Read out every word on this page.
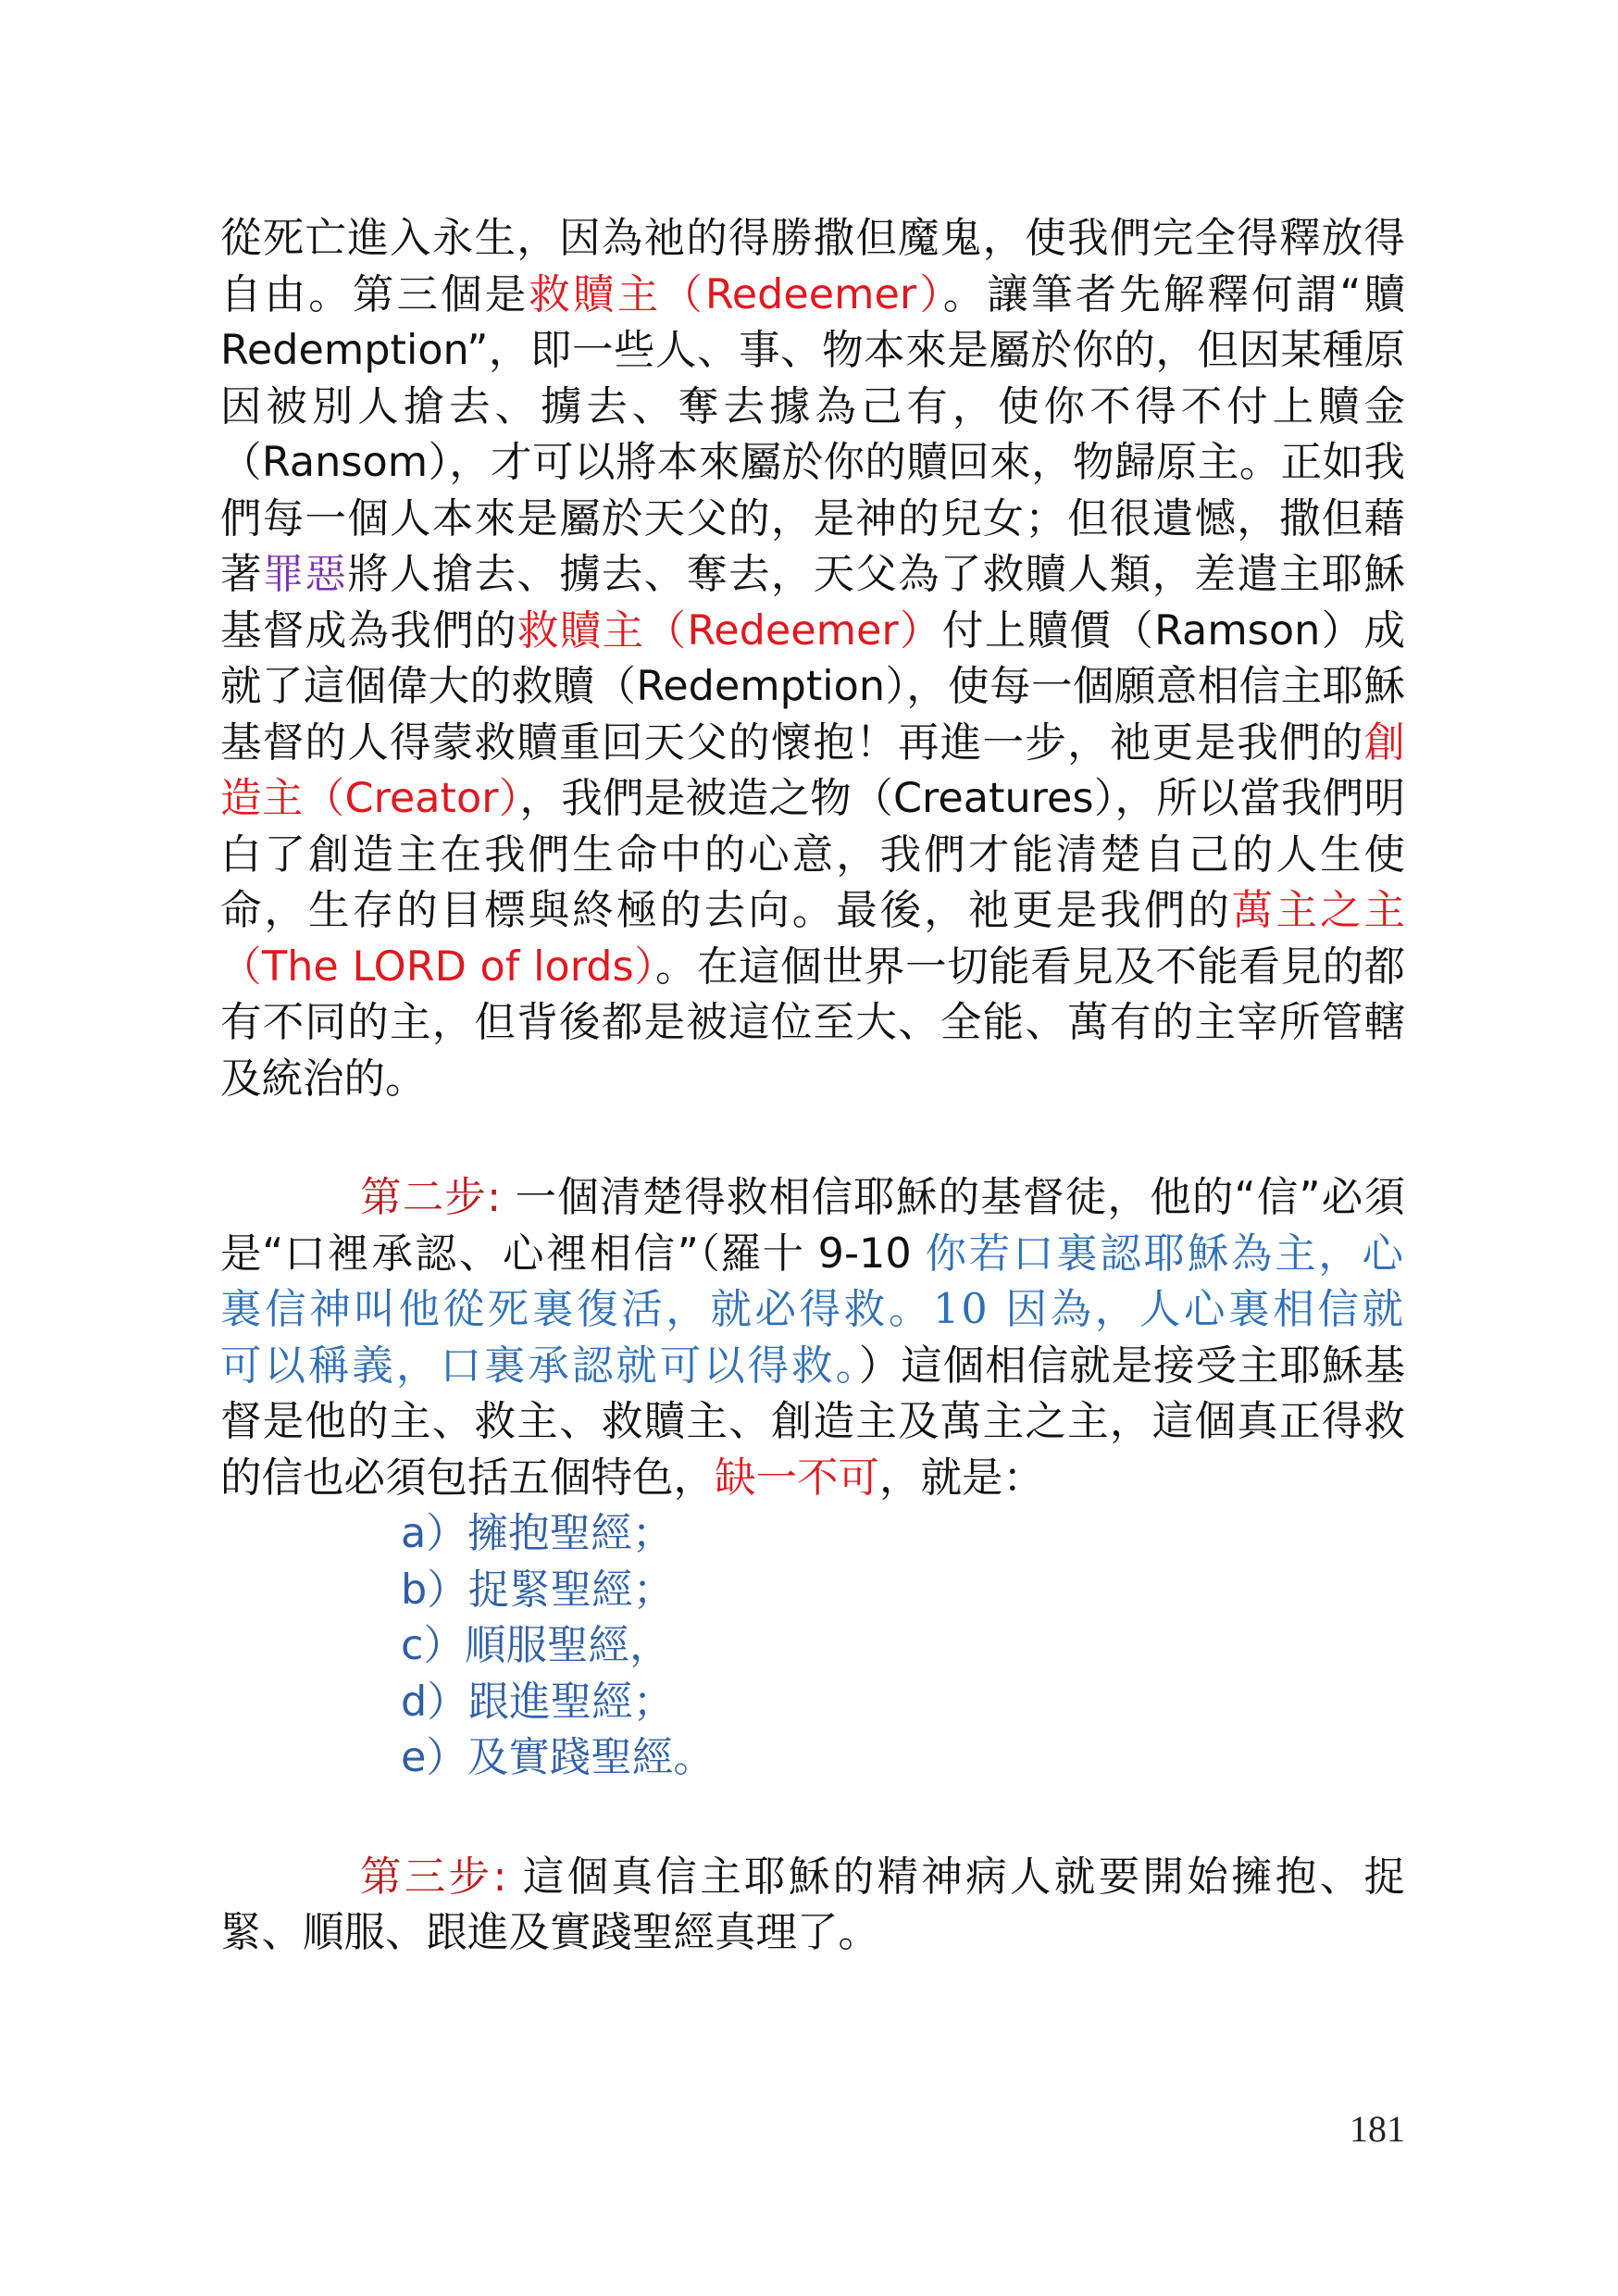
從死亡進入永生，因為祂的得勝撒但魔鬼，使我們完全得釋放得自由。第三個是救贖主（Redeemer）。讓筆者先解釋何謂“贖 Redemption”，即一些人、事、物本來是屬於你的，但因某種原因被別人搶去、擄去、奪去據為己有，使你不得不付上贖金（Ransom），才可以將本來屬於你的贖回來，物歸原主。正如我們每一個人本來是屬於天父的，是神的兒女；但很遺憾，撒但藉著罪惡將人搶去、擄去、奪去，天父為了救贖人類，差遣主耶穌基督成為我們的救贖主（Redeemer）付上贖價（Ramson）成就了這個偉大的救贖（Redemption），使每一個願意相信主耶穌基督的人得蒙救贖重回天父的懷抱！再進一步，祂更是我們的創造主（Creator），我們是被造之物（Creatures），所以當我們明白了創造主在我們生命中的心意，我們才能清楚自己的人生使命，生存的目標與終極的去向。最後，祂更是我們的萬主之主（The LORD of lords）。在這個世界一切能看見及不能看見的都有不同的主，但背後都是被這位至大、全能、萬有的主宰所管轄及統治的。

第二步: 一個清楚得救相信耶穌的基督徒，他的“信”必須是“口裡承認、心裡相信”（羅十 9-10 你若口裏認耶穌為主，心裏信神叫他從死裏復活，就必得救。10 因為，人心裏相信就可以稱義，口裏承認就可以得救。）這個相信就是接受主耶穌基督是他的主、救主、救贖主、創造主及萬主之主，這個真正得救的信也必須包括五個特色，缺一不可，就是：

a）擁抱聖經；
b）捉緊聖經；
c）順服聖經，
d）跟進聖經；
e）及實踐聖經。

第三步: 這個真信主耶穌的精神病人就要開始擁抱、捉緊、順服、跟進及實踐聖經真理了。

181
